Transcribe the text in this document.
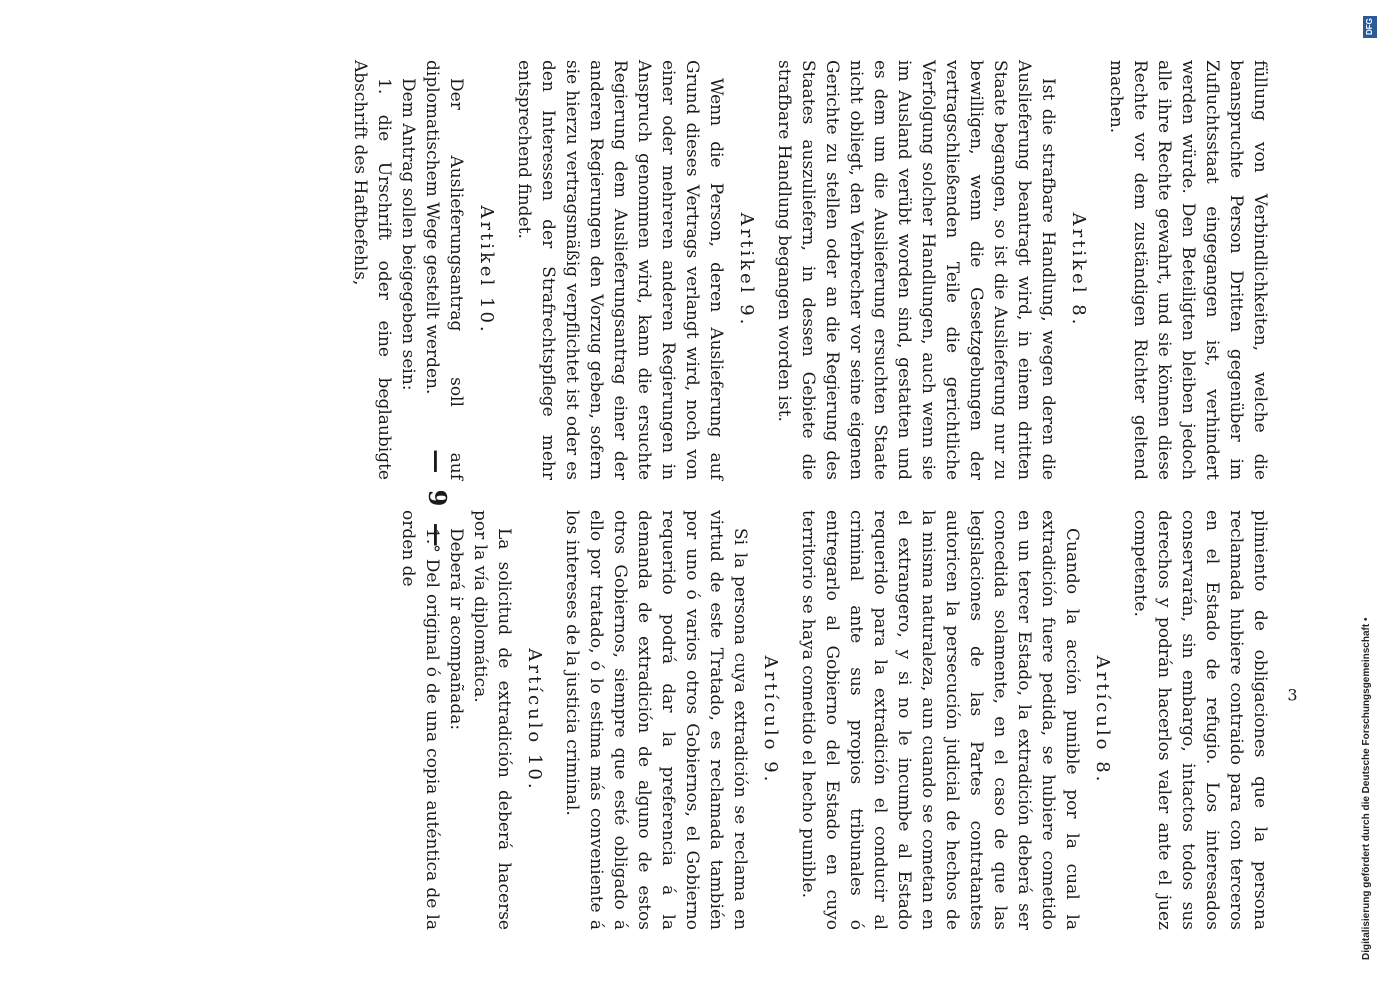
— 9 —

füllung von Verbindlichkeiten, welche die beanspruchte Person Dritten gegenüber im Zufluchtsstaat eingegangen ist, verhindert werden würde. Den Beteiligten bleiben jedoch alle ihre Rechte gewahrt, und sie können diese Rechte vor dem zuständigen Richter geltend machen.

Artikel 8.

Ist die strafbare Handlung, wegen deren die Auslieferung beantragt wird, in einem dritten Staate begangen, so ist die Auslieferung nur zu bewilligen, wenn die Gesetzgebungen der vertragschließenden Teile die gerichtliche Verfolgung solcher Handlungen, auch wenn sie im Ausland verübt worden sind, gestatten und es dem um die Auslieferung ersuchten Staate nicht obliegt, den Verbrecher vor seine eigenen Gerichte zu stellen oder an die Regierung des Staates auszuliefern, in dessen Gebiete die strafbare Handlung begangen worden ist.

Artikel 9.

Wenn die Person, deren Auslieferung auf Grund dieses Vertrags verlangt wird, noch von einer oder mehreren anderen Regierungen in Anspruch genommen wird, kann die ersuchte Regierung dem Auslieferungsantrag einer der anderen Regierungen den Vorzug geben, sofern sie hierzu vertragsmäßig verpflichtet ist oder es den Interessen der Strafrechtspflege mehr entsprechend findet.

Artikel 10.

Der Auslieferungsantrag soll auf diplomatischem Wege gestellt werden.

Dem Antrag sollen beigegeben sein:

1. die Urschrift oder eine beglaubigte Abschrift des Haftbefehls,

plimiento de obligaciones que la persona reclamada hubiere contraido para con terceros en el Estado de refugio. Los interesados conservarán, sin embargo, intactos todos sus derechos y podrán hacerlos valer ante el juez competente.

Artículo 8.

Cuando la acción punible por la cual la extradición fuere pedida, se hubiere cometido en un tercer Estado, la extradición deberá ser concedida solamente, en el caso de que las legislaciones de las Partes contratantes autoricen la persecución judicial de hechos de la misma naturaleza, aun cuando se cometan en el extrangero, y si no le incumbe al Estado requerido para la extradición el conducir al criminal ante sus propios tribunales ó entregarlo al Gobierno del Estado en cuyo territorio se haya cometido el hecho punible.

Artículo 9.

Si la persona cuya extradición se reclama en virtud de este Tratado, es reclamada también por uno ó varios otros Gobiernos, el Gobierno requerido podrá dar la preferencia á la demanda de extradición de alguno de estos otros Gobiernos, siempre que esté obligado á ello por tratado, ó lo estima más conveniente á los intereses de la justicia criminal.

Artículo 10.

La solicitud de extradición deberá hacerse por la vía diplomática.

Deberá ir acompañada:

1.° Del original ó de una copia auténtica de la orden de

3
DFG
Digitalisierung gefördert durch die Deutsche Forschungsgemeinschaft •
